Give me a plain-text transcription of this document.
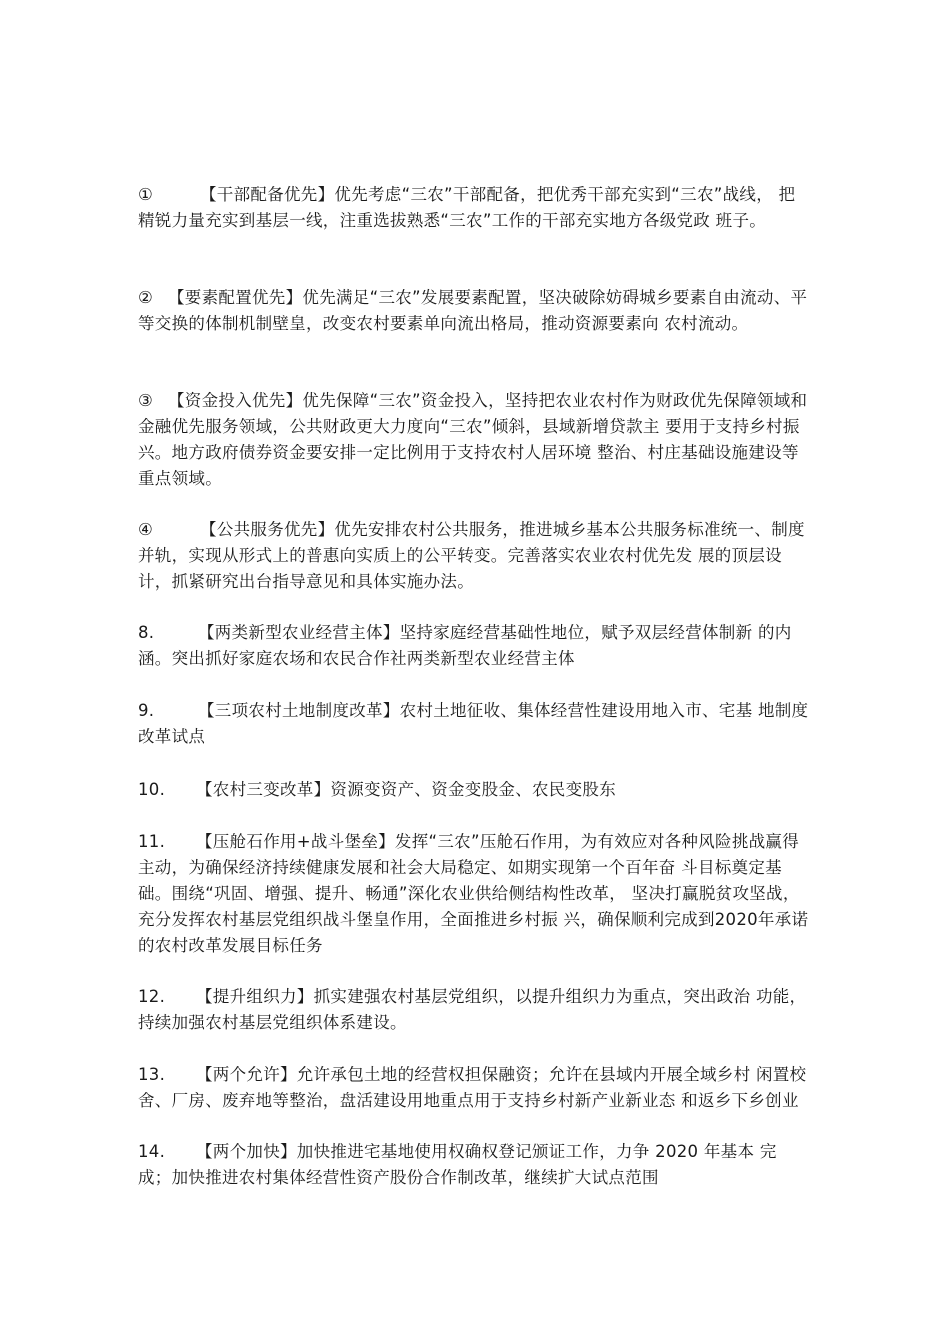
①	【干部配备优先】优先考虑“三农”干部配备，把优秀干部充实到“三农”战线， 把精锐力量充实到基层一线，注重选拔熟悉“三农”工作的干部充实地方各级党政 班子。

② 【要素配置优先】优先满足“三农”发展要素配置，坚决破除妨碍城乡要素自由流动、平等交换的体制机制壁皇，改变农村要素单向流出格局，推动资源要素向 农村流动。

③ 【资金投入优先】优先保障“三农”资金投入，坚持把农业农村作为财政优先保障领域和金融优先服务领域，公共财政更大力度向“三农”倾斜，县域新增贷款主 要用于支持乡村振兴。地方政府债券资金要安排一定比例用于支持农村人居环境 整治、村庄基础设施建设等重点领域。

④	【公共服务优先】优先安排农村公共服务，推进城乡基本公共服务标准统一、制度并轨，实现从形式上的普惠向实质上的公平转变。完善落实农业农村优先发 展的顶层设计，抓紧研究出台指导意见和具体实施办法。

8.	【两类新型农业经营主体】坚持家庭经营基础性地位，赋予双层经营体制新 的内涵。突出抓好家庭农场和农民合作社两类新型农业经营主体

9.	【三项农村土地制度改革】农村土地征收、集体经营性建设用地入市、宅基 地制度改革试点

10. 【农村三变改革】资源变资产、资金变股金、农民变股东

11. 【压舱石作用+战斗堡垒】发挥“三农”压舱石作用，为有效应对各种风险挑战赢得主动，为确保经济持续健康发展和社会大局稳定、如期实现第一个百年奋 斗目标奠定基础。围绕“巩固、增强、提升、畅通”深化农业供给侧结构性改革， 坚决打赢脱贫攻坚战，充分发挥农村基层党组织战斗堡皇作用，全面推进乡村振 兴，确保顺利完成到2020年承诺的农村改革发展目标任务

12. 【提升组织力】抓实建强农村基层党组织，以提升组织力为重点，突出政治 功能，持续加强农村基层党组织体系建设。

13. 【两个允许】允许承包土地的经营权担保融资；允许在县域内开展全域乡村 闲置校舍、厂房、废弃地等整治，盘活建设用地重点用于支持乡村新产业新业态 和返乡下乡创业

14. 【两个加快】加快推进宅基地使用权确权登记颁证工作，力争 2020 年基本 完成；加快推进农村集体经营性资产股份合作制改革，继续扩大试点范围
